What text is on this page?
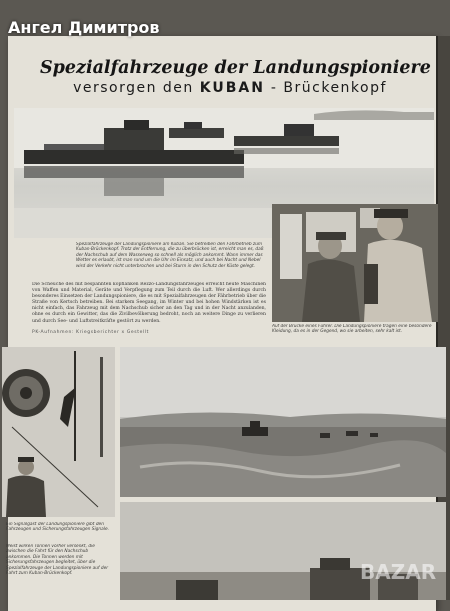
Ангел Димитров
Spezialfahrzeuge der Landungspioniere
versorgen den KUBAN - Brückenkopf
Spezialfahrzeuge der Landungspioniere am Kuban. Sie betreiben den Fährbetrieb zum Kuban-Brückenkopf. Trotz der Entfernung, die zu überbrücken ist, erreicht man es, daß der Nachschub auf dem Wasserweg so schnell als möglich ankommt. Wann immer das Wetter es erlaubt, ist man rund um die Uhr im Einsatz, und auch bei Nacht und Nebel wird der Verkehr nicht unterbrochen und bei Sturm in den Schutz der Küste gelegt.
Auf der Brücke eines Führer. Die Landungspioniere tragen eine besondere Kleidung, da es in der Gegend, wo sie arbeiten, sehr kalt ist.
Die Scheuche des mit bespannten kopflanken Rezzo-Landungsfahrzeuges erreicht heute Maschinen von Waffen und Material, Geräte und Verpflegung zum Teil durch die Luft. Wer allerdings durch besonderes Einsetzen der Landungspioniere, die es mit Spezialfahrzeugen der Fährbetrieb über die Straße von Kertsch betreiben. Bei starkem Seegang, im Winter und bei hohen Windstärken ist es nicht einfach, das Fahrzeug mit dem Nachschub sicher an den Tag und in der Nacht anzulanden, ohne es durch ein Gewitter, das die Zivilbevölkerung bedroht, noch an weitere Dinge zu verlieren und durch See- und Luftstreitkräfte gestört zu werden.
PK-Aufnahmen: Kriegsberichter x Gestellt
Ein Signalgast der Landungspioniere gibt den Fahrzeugen und Sicherungsfahrzeugen Signale.
Meist wirken Tonnen vorher versenkt, die zwischen die Fahrt für den Nachschub ankommen. Die Tonnen werden mit Sicherungsfahrzeugen begleitet, über die Spezialfahrzeuge der Landungspioniere auf der Fahrt zum Kuban-Brückenkopf.	BAZAR
